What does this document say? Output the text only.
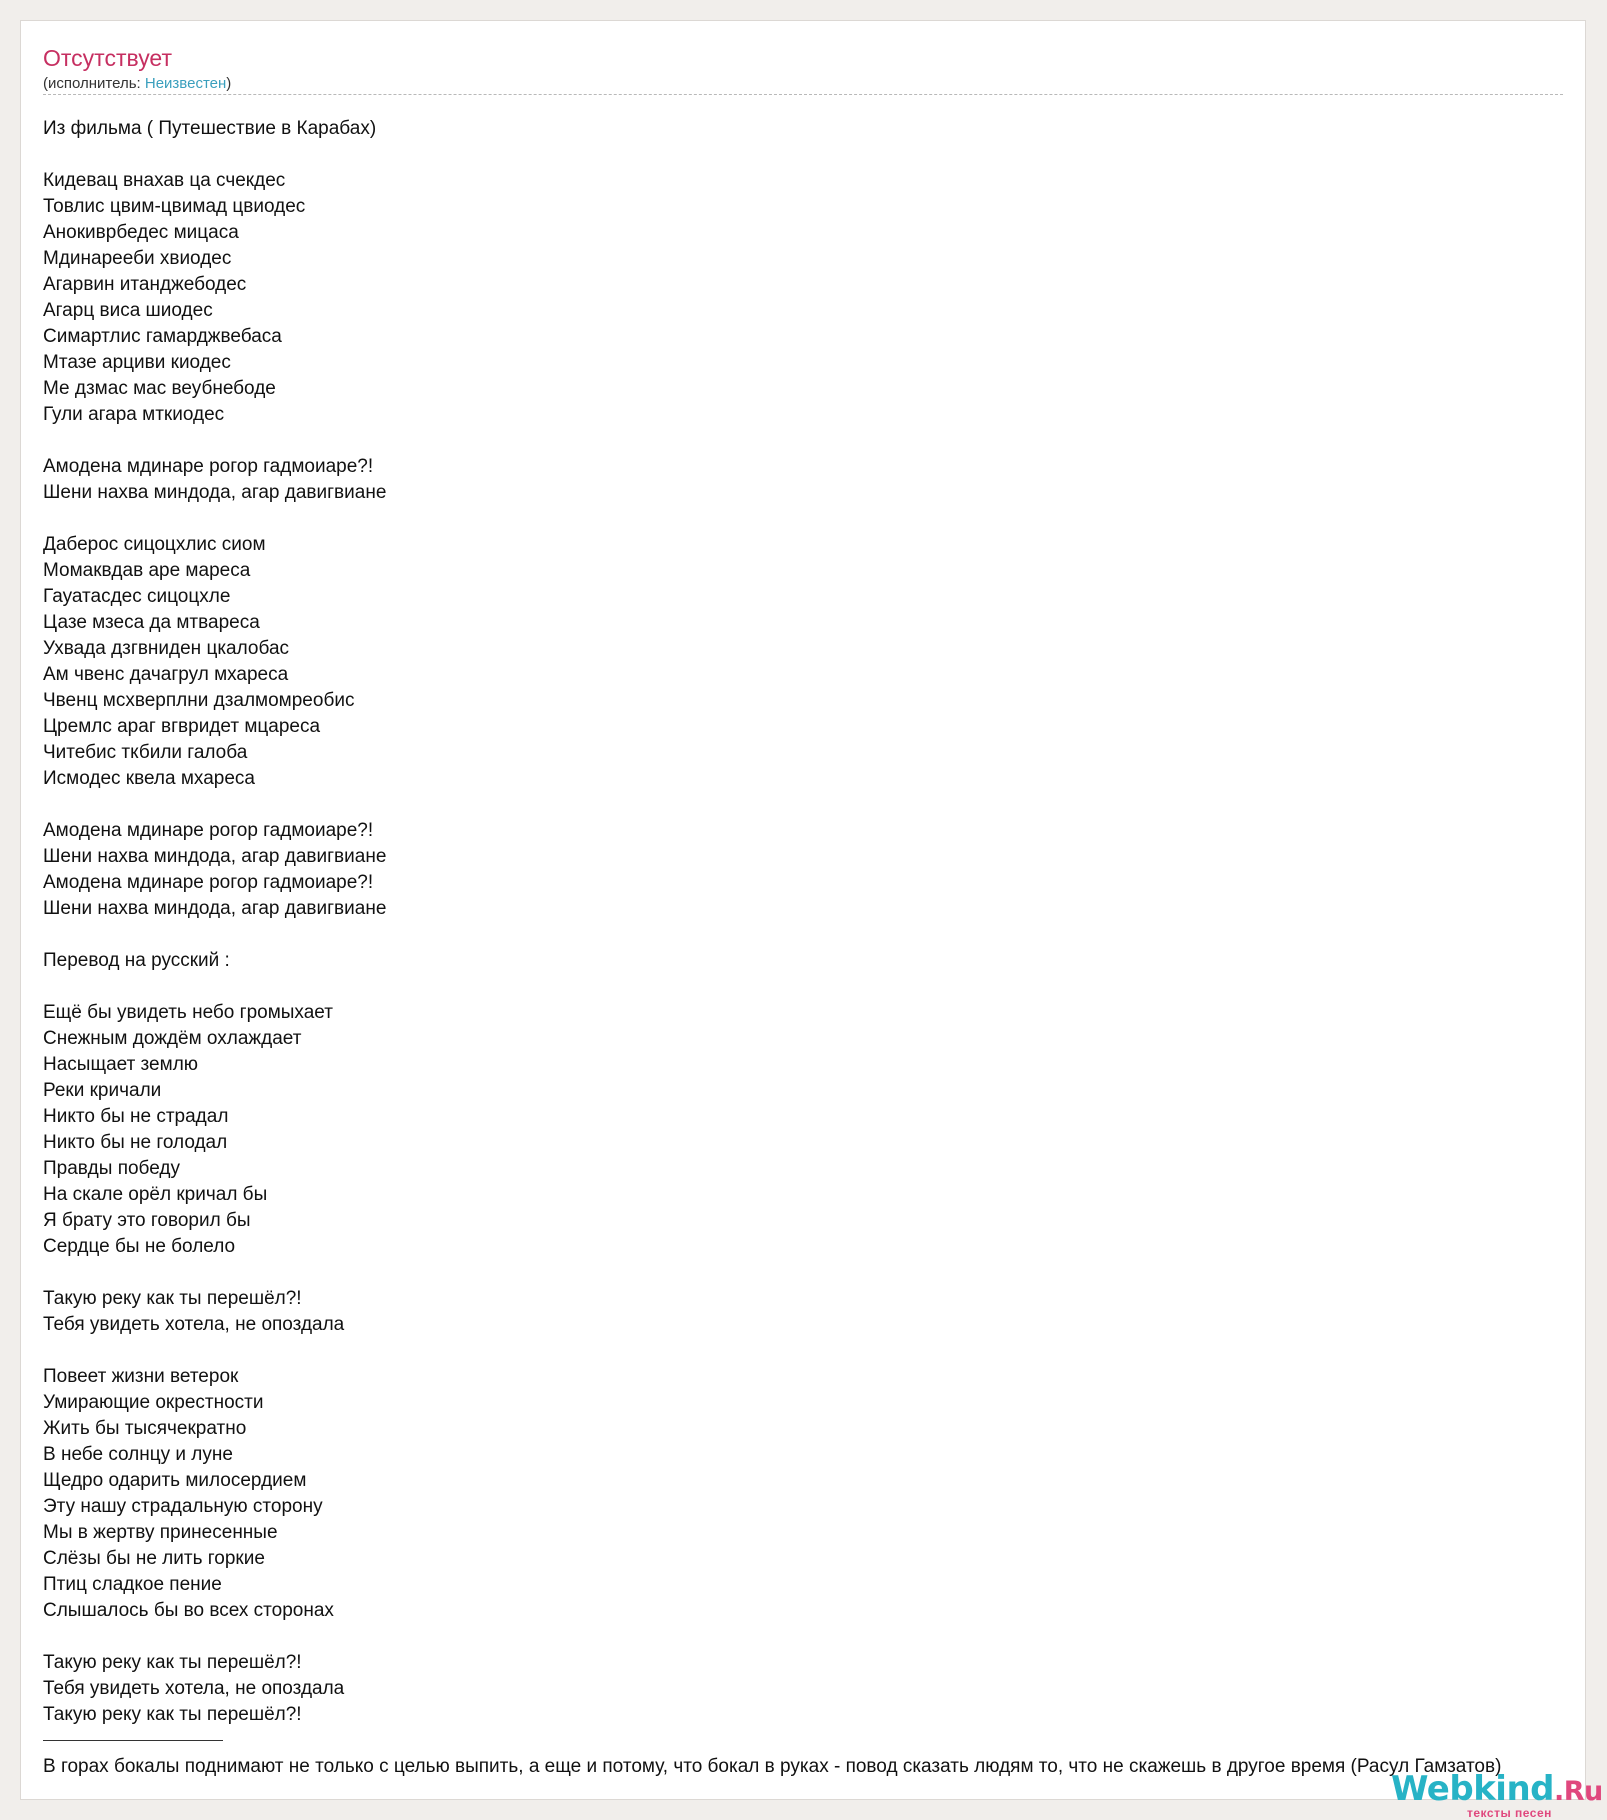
Отсутствует
(исполнитель: Неизвестен)
Из фильма ( Путешествие в Карабах)

Кидевац внахав ца счекдес
Товлис цвим-цвимад цвиодес
Анокиврбедес мицаса
Мдинарееби хвиодес
Агарвин итанджебодес
Агарц виса шиодес
Симартлис гамарджвебаса
Мтазе арциви киодес
Ме дзмас мас веубнебоде
Гули агара мткиодес

Амодена мдинаре рогор гадмоиаре?!
Шени нахва миндода, агар давигвиане

Даберос сицоцхлис сиом
Момаквдав аре мареса
Гауатасдес сицоцхле
Цазе мзеса да мтвареса
Ухвада дзгвниден цкалобас
Ам чвенс дачагрул мхареса
Чвенц мсхверплни дзалмомреобис
Цремлс араг вгвридет мцареса
Читебис ткбили галоба
Исмодес квела мхареса

Амодена мдинаре рогор гадмоиаре?!
Шени нахва миндода, агар давигвиане
Амодена мдинаре рогор гадмоиаре?!
Шени нахва миндода, агар давигвиане

Перевод на русский :

Ещё бы увидеть небо громыхает
Снежным дождём охлаждает
Насыщает землю
Реки кричали
Никто бы не страдал
Никто бы не голодал
Правды победу
На скале орёл кричал бы
Я брату это говорил бы
Сердце бы не болело

Такую реку как ты перешёл?!
Тебя увидеть хотела, не опоздала

Повеет жизни ветерок
Умирающие окрестности
Жить бы тысячекратно
В небе солнцу и луне
Щедро одарить милосердием
Эту нашу страдальную сторону
Мы в жертву принесенные
Слёзы бы не лить горкие
Птиц сладкое пение
Слышалось бы во всех сторонах

Такую реку как ты перешёл?!
Тебя увидеть хотела, не опоздала
Такую реку как ты перешёл?!
В горах бокалы поднимают не только с целью выпить, а еще и потому, что бокал в руках - повод сказать людям то, что не скажешь в другое время (Расул Гамзатов)
Webkind.Ru
тексты песен
